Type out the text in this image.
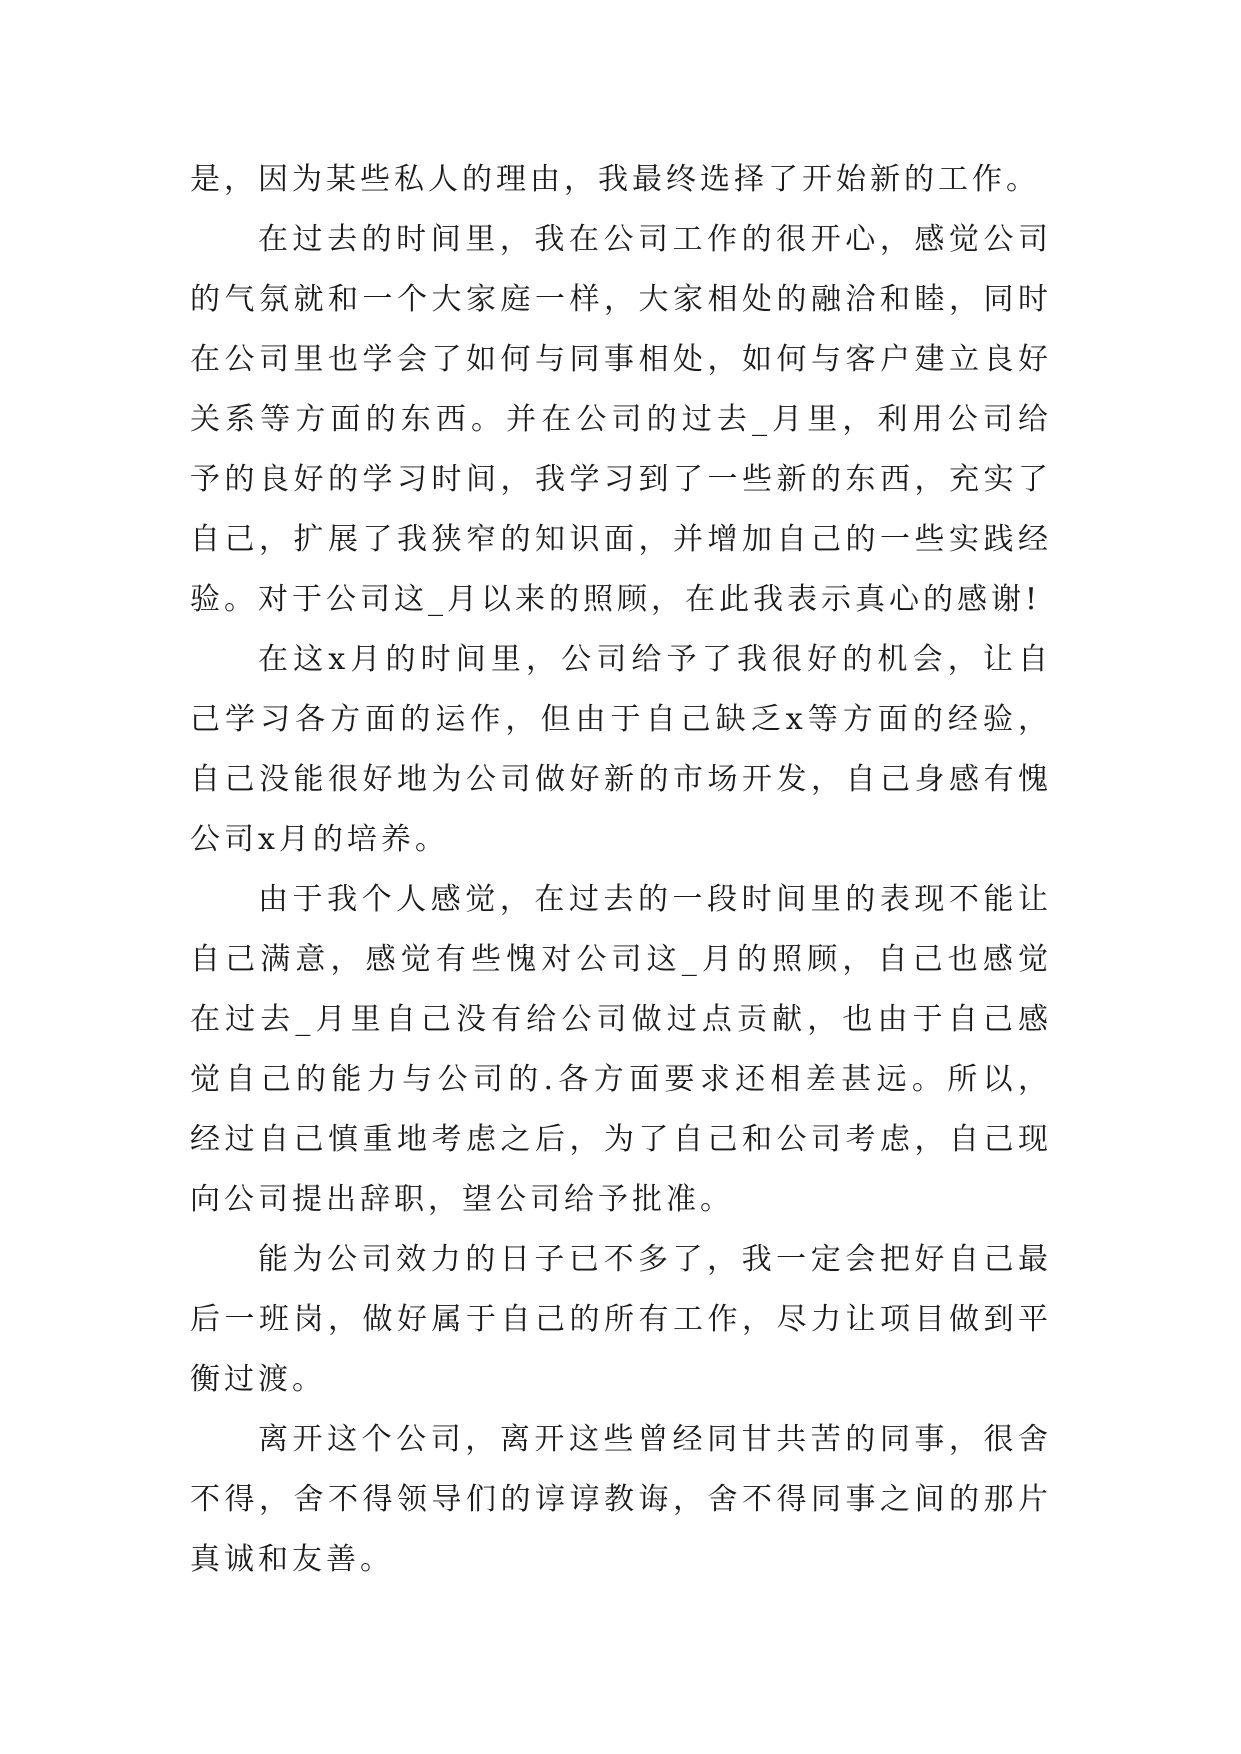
是，因为某些私人的理由，我最终选择了开始新的工作。

在过去的时间里，我在公司工作的很开心，感觉公司的气氛就和一个大家庭一样，大家相处的融洽和睦，同时在公司里也学会了如何与同事相处，如何与客户建立良好关系等方面的东西。并在公司的过去_月里，利用公司给予的良好的学习时间，我学习到了一些新的东西，充实了自己，扩展了我狭窄的知识面，并增加自己的一些实践经验。对于公司这_月以来的照顾，在此我表示真心的感谢!

在这x月的时间里，公司给予了我很好的机会，让自己学习各方面的运作，但由于自己缺乏x等方面的经验，自己没能很好地为公司做好新的市场开发，自己身感有愧公司x月的培养。

由于我个人感觉，在过去的一段时间里的表现不能让自己满意，感觉有些愧对公司这_月的照顾，自己也感觉在过去_月里自己没有给公司做过点贡献，也由于自己感觉自己的能力与公司的.各方面要求还相差甚远。所以，经过自己慎重地考虑之后，为了自己和公司考虑，自己现向公司提出辞职，望公司给予批准。

能为公司效力的日子已不多了，我一定会把好自己最后一班岗，做好属于自己的所有工作，尽力让项目做到平衡过渡。

离开这个公司，离开这些曾经同甘共苦的同事，很舍不得，舍不得领导们的谆谆教诲，舍不得同事之间的那片真诚和友善。
